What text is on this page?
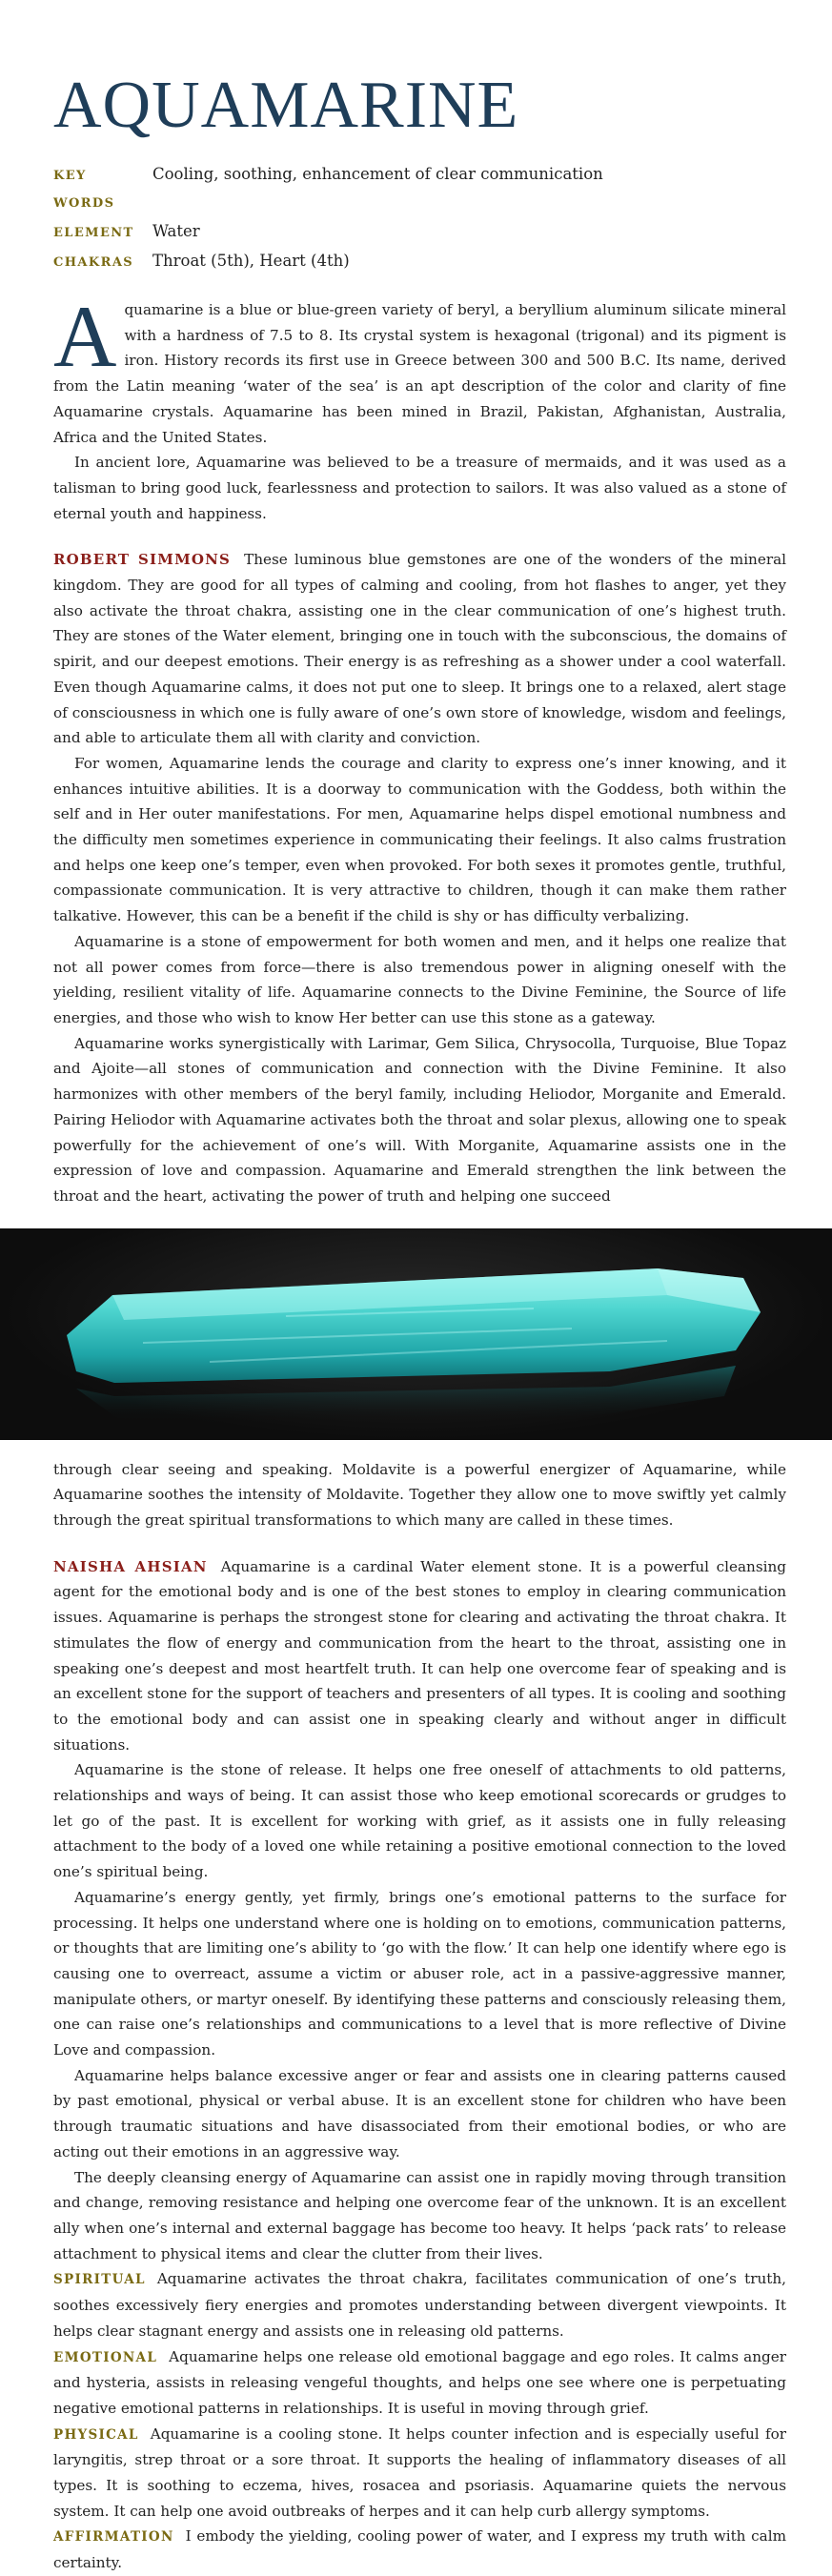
AQUAMARINE
KEY WORDS
Cooling, soothing, enhancement of clear communication
ELEMENT	Water
CHAKRAS	Throat (5th), Heart (4th)

Aquamarine is a blue or blue-green variety of beryl, a beryllium aluminum silicate mineral with a hardness of 7.5 to 8. Its crystal system is hexagonal (trigonal) and its pigment is iron. History records its first use in Greece between 300 and 500 B.C. Its name, derived from the Latin meaning ‘water of the sea’ is an apt description of the color and clarity of fine Aquamarine crystals. Aquamarine has been mined in Brazil, Pakistan, Afghanistan, Australia, Africa and the United States.

In ancient lore, Aquamarine was believed to be a treasure of mermaids, and it was used as a talisman to bring good luck, fearlessness and protection to sailors. It was also valued as a stone of eternal youth and happiness.

ROBERT SIMMONS These luminous blue gemstones are one of the wonders of the mineral kingdom. They are good for all types of calming and cooling, from hot flashes to anger, yet they also activate the throat chakra, assisting one in the clear communication of one’s highest truth. They are stones of the Water element, bringing one in touch with the subconscious, the domains of spirit, and our deepest emotions. Their energy is as refreshing as a shower under a cool waterfall. Even though Aquamarine calms, it does not put one to sleep. It brings one to a relaxed, alert stage of consciousness in which one is fully aware of one’s own store of knowledge, wisdom and feelings, and able to articulate them all with clarity and conviction.

For women, Aquamarine lends the courage and clarity to express one’s inner knowing, and it enhances intuitive abilities. It is a doorway to communication with the Goddess, both within the self and in Her outer manifestations. For men, Aquamarine helps dispel emotional numbness and the difficulty men sometimes experience in communicating their feelings. It also calms frustration and helps one keep one’s temper, even when provoked. For both sexes it promotes gentle, truthful, compassionate communication. It is very attractive to children, though it can make them rather talkative. However, this can be a benefit if the child is shy or has difficulty verbalizing.

Aquamarine is a stone of empowerment for both women and men, and it helps one realize that not all power comes from force—there is also tremendous power in aligning oneself with the yielding, resilient vitality of life. Aquamarine connects to the Divine Feminine, the Source of life energies, and those who wish to know Her better can use this stone as a gateway.

Aquamarine works synergistically with Larimar, Gem Silica, Chrysocolla, Turquoise, Blue Topaz and Ajoite—all stones of communication and connection with the Divine Feminine. It also harmonizes with other members of the beryl family, including Heliodor, Morganite and Emerald. Pairing Heliodor with Aquamarine activates both the throat and solar plexus, allowing one to speak powerfully for the achievement of one’s will. With Morganite, Aquamarine assists one in the expression of love and compassion. Aquamarine and Emerald strengthen the link between the throat and the heart, activating the power of truth and helping one succeed

through clear seeing and speaking. Moldavite is a powerful energizer of Aquamarine, while Aquamarine soothes the intensity of Moldavite. Together they allow one to move swiftly yet calmly through the great spiritual transformations to which many are called in these times.

NAISHA AHSIAN Aquamarine is a cardinal Water element stone. It is a powerful cleansing agent for the emotional body and is one of the best stones to employ in clearing communication issues. Aquamarine is perhaps the strongest stone for clearing and activating the throat chakra. It stimulates the flow of energy and communication from the heart to the throat, assisting one in speaking one’s deepest and most heartfelt truth. It can help one overcome fear of speaking and is an excellent stone for the support of teachers and presenters of all types. It is cooling and soothing to the emotional body and can assist one in speaking clearly and without anger in difficult situations.

Aquamarine is the stone of release. It helps one free oneself of attachments to old patterns, relationships and ways of being. It can assist those who keep emotional scorecards or grudges to let go of the past. It is excellent for working with grief, as it assists one in fully releasing attachment to the body of a loved one while retaining a positive emotional connection to the loved one’s spiritual being.

Aquamarine’s energy gently, yet firmly, brings one’s emotional patterns to the surface for processing. It helps one understand where one is holding on to emotions, communication patterns, or thoughts that are limiting one’s ability to ‘go with the flow.’ It can help one identify where ego is causing one to overreact, assume a victim or abuser role, act in a passive-aggressive manner, manipulate others, or martyr oneself. By identifying these patterns and consciously releasing them, one can raise one’s relationships and communications to a level that is more reflective of Divine Love and compassion.

Aquamarine helps balance excessive anger or fear and assists one in clearing patterns caused by past emotional, physical or verbal abuse. It is an excellent stone for children who have been through traumatic situations and have disassociated from their emotional bodies, or who are acting out their emotions in an aggressive way.

The deeply cleansing energy of Aquamarine can assist one in rapidly moving through transition and change, removing resistance and helping one overcome fear of the unknown. It is an excellent ally when one’s internal and external baggage has become too heavy. It helps ‘pack rats’ to release attachment to physical items and clear the clutter from their lives.

SPIRITUAL Aquamarine activates the throat chakra, facilitates communication of one’s truth, soothes excessively fiery energies and promotes understanding between divergent viewpoints. It helps clear stagnant energy and assists one in releasing old patterns.

EMOTIONAL Aquamarine helps one release old emotional baggage and ego roles. It calms anger and hysteria, assists in releasing vengeful thoughts, and helps one see where one is perpetuating negative emotional patterns in relationships. It is useful in moving through grief.

PHYSICAL Aquamarine is a cooling stone. It helps counter infection and is especially useful for laryngitis, strep throat or a sore throat. It supports the healing of inflammatory diseases of all types. It is soothing to eczema, hives, rosacea and psoriasis. Aquamarine quiets the nervous system. It can help one avoid outbreaks of herpes and it can help curb allergy symptoms.

AFFIRMATION I embody the yielding, cooling power of water, and I express my truth with calm certainty.
